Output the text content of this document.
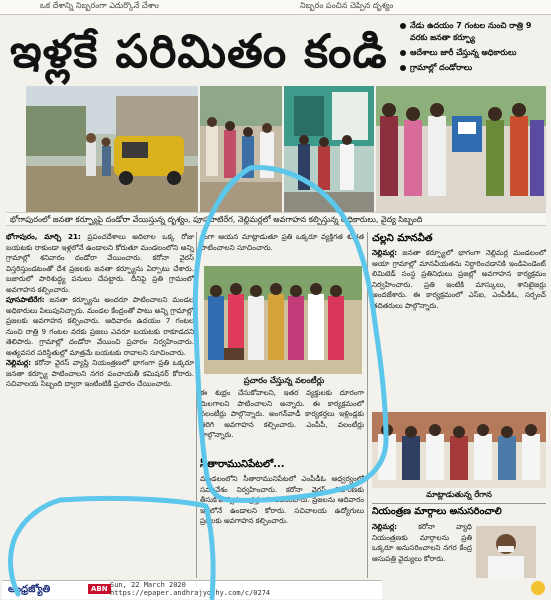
ఒక దేశాన్ని నిబ్బరంగా ఎదుర్కొనే చేశాం	నిబ్బరం పంచిన చెప్పిన దృశ్యం
ఇళ్లకే పరిమితం కండి	నేడు ఉదయం 7 గంటల నుంచి రాత్రి 9 వరకు జనతా కర్ఫ్యూ
ఆదేశాలు జారీ చేస్తున్న అధికారులు
గ్రామాల్లో దండోరాలు
భోగాపురంలో జనతా కర్ఫ్యూపై దండోరా వేయిస్తున్న దృశ్యం, పూసపాటిరేగ, నెల్లిమర్లలో అవగాహన కల్పిస్తున్న అధికారులు, వైద్య సిబ్బంది
భోగాపురం, మార్చి 21: ప్రపంచదేశాలు అదిలాల ఒక్క రోజు బయటకు రాకుండా ఇళ్లలోనే ఉండాలని కోరుతూ మండలంలోని అన్ని గ్రామాల్లో శనివారం దండోరా వేయించారు. కరోనా వైరస్ విస్తరిస్తుండటంతో దేశ ప్రజలకు జనతా కర్ఫ్యూను ఏర్పాటు చేశారు. బజారులో పారిశుద్ధ్య పనులు చేపట్టారు. దీనిపై ప్రతి గ్రామంలో అవగాహన కల్పించారు.
పూసపాటిరేగ: జనతా కర్ఫ్యూను అందరూ పాటించాలని మండల అధికారులు పిలుపునిచ్చారు. మండల కేంద్రంతో పాటు అన్ని గ్రామాల్లో ప్రజలకు అవగాహన కల్పించారు. ఆదివారం ఉదయం 7 గంటల నుంచి రాత్రి 9 గంటల వరకు ప్రజలు ఎవరూ బయటకు రాకూడదని తెలిపారు. గ్రామాల్లో దండోరా వేయించి ప్రచారం నిర్వహించారు. అత్యవసర పరిస్థితుల్లో మాత్రమే బయటకు రావాలని సూచించారు.
నెల్లిమర్ల: కరోనా వైరస్ వ్యాప్తి నియంత్రణలో భాగంగా ప్రతి ఒక్కరూ జనతా కర్ఫ్యూ పాటించాలని నగర పంచాయతీ కమిషనర్ కోరారు. సచివాలయ సిబ్బంది ద్వారా ఇంటింటికీ ప్రచారం చేయించారు.
రంగా ఆయన మాట్లాడుతూ ప్రతి ఒక్కరూ వ్యక్తిగత శుభ్రత పాటించాలని సూచించారు.
ప్రచారం చేస్తున్న వలంటీర్లు
ఈ శుభ్రం చేసుకోవాలని, ఇతర వ్యక్తులకు దూరంగా మెలగాలని పాటించాలని అన్నారు. ఈ కార్యక్రమంలో వలంటీర్లు పాల్గొన్నారు. అంగన్‌వాడీ కార్యకర్తలు ఇళ్లిండ్లకు తిరిగి అవగాహన కల్పించారు. ఎంపీపీ, వలంటీర్లు పాల్గొన్నారు.
సీతారామునిపేటలో...
మండలంలోని సీతారామునిపేటలో ఎంపీడీఓ ఆధ్వర్యంలో సమావేశం నిర్వహించారు. కరోనా వైరస్ నివారణకు తీసుకోవాల్సిన జాగ్రత్తలను వివరించారు. ప్రజలను ఆదివారం ఇళ్లలోనే ఉండాలని కోరారు. సచివాలయ ఉద్యోగులు ప్రజలకు అవగాహన కల్పించారు.
చల్లని మానవీత
నెల్లిమర్ల: జనతా కర్ఫ్యూలో భాగంగా నెల్లిమర్ల మండలంలో ఆయా గ్రామాల్లో మానవీయతను నిర్ధారించడానికి ఇండిపెండెంట్ లిమిటెడ్ సంస్థ ప్రతినిధులు ప్రజల్లో అవగాహన కార్యక్రమం నిర్వహించారు. ప్రతి ఇంటికి మాస్కులు, శానిటైజర్లు అందజేశారు. ఈ కార్యక్రమంలో ఎస్‌ఐ, ఎంపీడీఓ, సర్పంచ్ తదితరులు పాల్గొన్నారు.
మాట్లాడుతున్న రేగాన
నియంత్రణ మార్గాలు అనుసరించాలి
నెల్లిమర్ల:	కరోనా వ్యాధి నియంత్రణకు మార్గాలను ప్రతి ఒక్కరూ అనుసరించాలని నగర కేంద్ర ఆసుపత్రి వైద్యులు కోరారు.
ఆంధ్రజ్యోతి	ABN Sun, 22 March 2020
https://epaper.andhrajyothy.com/c/0274
